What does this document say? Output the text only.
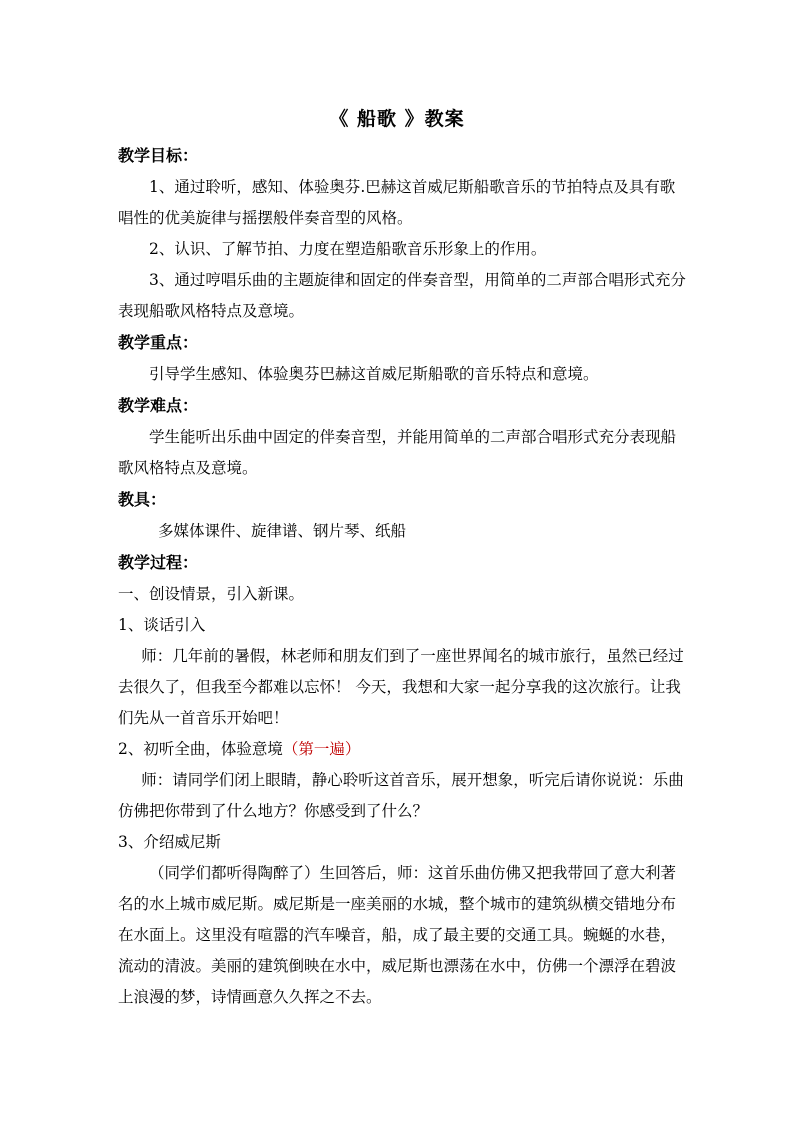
《 船歌 》教案
教学目标：

1、通过聆听，感知、体验奥芬.巴赫这首威尼斯船歌音乐的节拍特点及具有歌唱性的优美旋律与摇摆般伴奏音型的风格。

2、认识、了解节拍、力度在塑造船歌音乐形象上的作用。

3、通过哼唱乐曲的主题旋律和固定的伴奏音型，用简单的二声部合唱形式充分表现船歌风格特点及意境。

教学重点：

引导学生感知、体验奥芬巴赫这首威尼斯船歌的音乐特点和意境。

教学难点：

学生能听出乐曲中固定的伴奏音型，并能用简单的二声部合唱形式充分表现船歌风格特点及意境。

教具：

多媒体课件、旋律谱、钢片琴、纸船

教学过程：

一、创设情景，引入新课。

1、谈话引入

师：几年前的暑假，林老师和朋友们到了一座世界闻名的城市旅行，虽然已经过去很久了，但我至今都难以忘怀！ 今天，我想和大家一起分享我的这次旅行。让我们先从一首音乐开始吧！

2、初听全曲，体验意境（第一遍）

师：请同学们闭上眼睛，静心聆听这首音乐，展开想象，听完后请你说说：乐曲仿佛把你带到了什么地方？你感受到了什么？

3、介绍威尼斯

（同学们都听得陶醉了）生回答后，师：这首乐曲仿佛又把我带回了意大利著名的水上城市威尼斯。威尼斯是一座美丽的水城，整个城市的建筑纵横交错地分布在水面上。这里没有喧嚣的汽车噪音，船，成了最主要的交通工具。蜿蜒的水巷，流动的清波。美丽的建筑倒映在水中，威尼斯也漂荡在水中，仿佛一个漂浮在碧波上浪漫的梦，诗情画意久久挥之不去。
